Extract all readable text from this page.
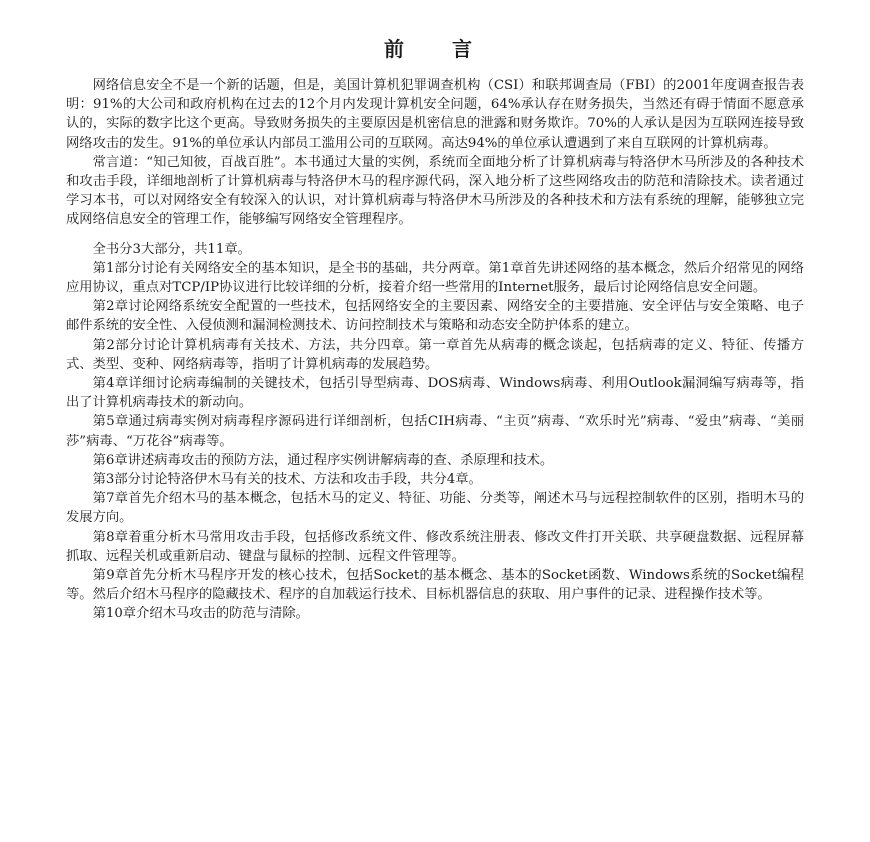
前　言

网络信息安全不是一个新的话题，但是，美国计算机犯罪调查机构（CSI）和联邦调查局（FBI）的2001年度调查报告表明：91%的大公司和政府机构在过去的12个月内发现计算机安全问题，64%承认存在财务损失，当然还有碍于情面不愿意承认的，实际的数字比这个更高。导致财务损失的主要原因是机密信息的泄露和财务欺诈。70%的人承认是因为互联网连接导致网络攻击的发生。91%的单位承认内部员工滥用公司的互联网。高达94%的单位承认遭遇到了来自互联网的计算机病毒。

常言道：“知己知彼，百战百胜”。本书通过大量的实例，系统而全面地分析了计算机病毒与特洛伊木马所涉及的各种技术和攻击手段，详细地剖析了计算机病毒与特洛伊木马的程序源代码，深入地分析了这些网络攻击的防范和清除技术。读者通过学习本书，可以对网络安全有较深入的认识，对计算机病毒与特洛伊木马所涉及的各种技术和方法有系统的理解，能够独立完成网络信息安全的管理工作，能够编写网络安全管理程序。

全书分3大部分，共11章。

第1部分讨论有关网络安全的基本知识，是全书的基础，共分两章。第1章首先讲述网络的基本概念，然后介绍常见的网络应用协议，重点对TCP/IP协议进行比较详细的分析，接着介绍一些常用的Internet服务，最后讨论网络信息安全问题。

第2章讨论网络系统安全配置的一些技术，包括网络安全的主要因素、网络安全的主要措施、安全评估与安全策略、电子邮件系统的安全性、入侵侦测和漏洞检测技术、访问控制技术与策略和动态安全防护体系的建立。

第2部分讨论计算机病毒有关技术、方法，共分四章。第一章首先从病毒的概念谈起，包括病毒的定义、特征、传播方式、类型、变种、网络病毒等，指明了计算机病毒的发展趋势。

第4章详细讨论病毒编制的关键技术，包括引导型病毒、DOS病毒、Windows病毒、利用Outlook漏洞编写病毒等，指出了计算机病毒技术的新动向。

第5章通过病毒实例对病毒程序源码进行详细剖析，包括CIH病毒、“主页”病毒、“欢乐时光”病毒、“爱虫”病毒、“美丽莎”病毒、“万花谷”病毒等。

第6章讲述病毒攻击的预防方法，通过程序实例讲解病毒的查、杀原理和技术。

第3部分讨论特洛伊木马有关的技术、方法和攻击手段，共分4章。

第7章首先介绍木马的基本概念，包括木马的定义、特征、功能、分类等，阐述木马与远程控制软件的区别，指明木马的发展方向。

第8章着重分析木马常用攻击手段，包括修改系统文件、修改系统注册表、修改文件打开关联、共享硬盘数据、远程屏幕抓取、远程关机或重新启动、键盘与鼠标的控制、远程文件管理等。

第9章首先分析木马程序开发的核心技术，包括Socket的基本概念、基本的Socket函数、Windows系统的Socket编程等。然后介绍木马程序的隐藏技术、程序的自加载运行技术、目标机器信息的获取、用户事件的记录、进程操作技术等。

第10章介绍木马攻击的防范与清除。
